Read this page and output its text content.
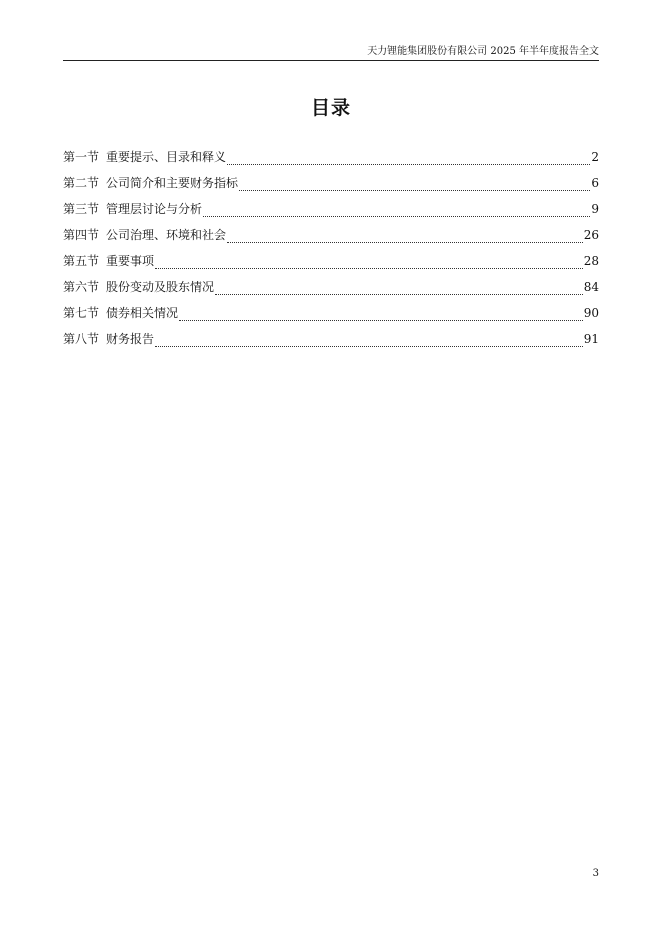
天力锂能集团股份有限公司 2025 年半年度报告全文
目录
第一节 重要提示、目录和释义	2
第二节 公司简介和主要财务指标	6
第三节 管理层讨论与分析	9
第四节 公司治理、环境和社会	26
第五节 重要事项	28
第六节 股份变动及股东情况	84
第七节 债券相关情况	90
第八节 财务报告	91
3
